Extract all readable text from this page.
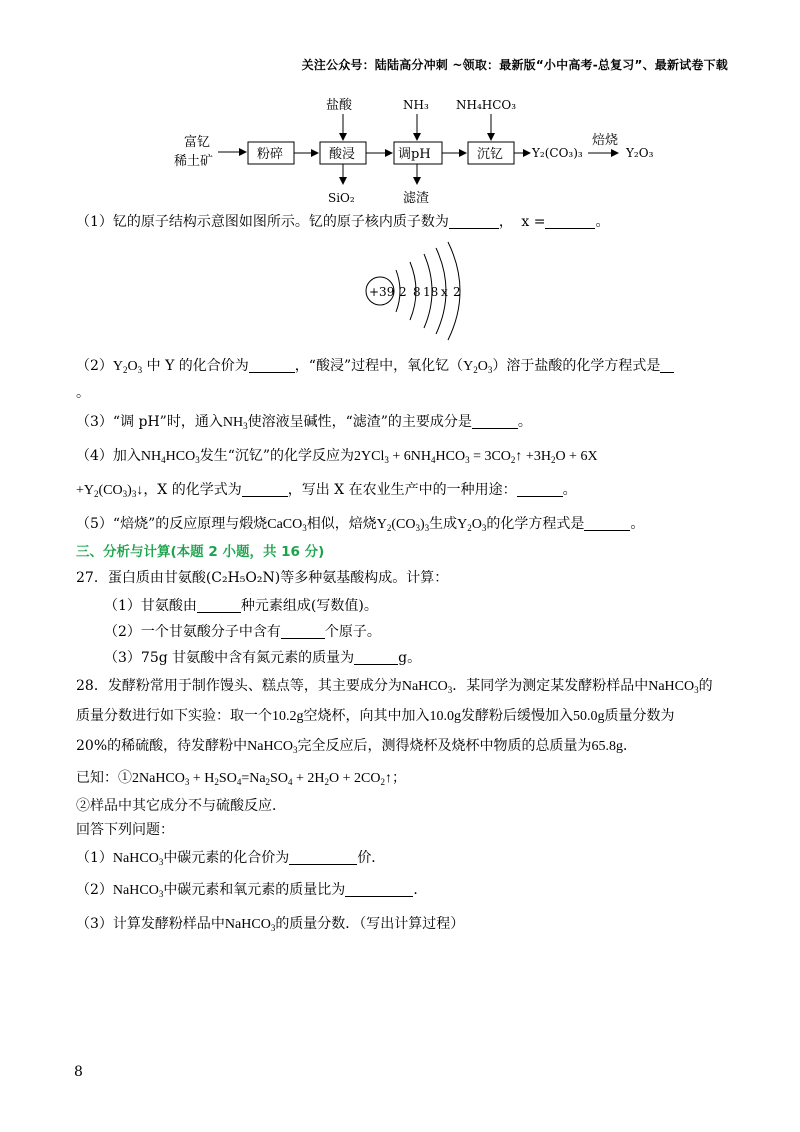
关注公众号：陆陆高分冲刺 ~领取：最新版“小中高考-总复习”、最新试卷下载
富钇
稀土矿	粉碎	酸浸
盐酸
SiO₂
调pH
NH₃
滤渣
沉钇
NH₄HCO₃
Y₂(CO₃)₃
焙烧
Y₂O₃
（1）钇的原子结构示意图如图所示。钇的原子核内质子数为	， x =	。
+39 2 8 18 x 2
$(2)Y_2O_3$ 中 Y 的化合价为	，“酸浸”过程中，氧化钇$(Y_2O_3)$溶于盐酸的化学方程式是
。
（3）“调 pH”时，通入$NH_3$使溶液呈碱性，“滤渣”的主要成分是	。
（4）加入$NH_4HCO_3$发生“沉钇”的化学反应为$2YCl_3 + 6NH_4HCO_3$ = $3CO_2↑ +3H_2O + 6X$
$+Y_2(CO_3)_3↓$，X 的化学式为	，写出 X 在农业生产中的一种用途：	。
（5）“焙烧”的反应原理与煅烧CaCO$_3$相似，焙烧$Y_2(CO_3)_3$生成$Y_2O_3$的化学方程式是	。
三、分析与计算(本题 2 小题，共 16 分)
27．蛋白质由甘氨酸(C₂H₅O₂N)等多种氨基酸构成。计算：
（1）甘氨酸由	种元素组成(写数值)。
（2）一个甘氨酸分子中含有	个原子。
（3）75g 甘氨酸中含有氮元素的质量为	g。
28．发酵粉常用于制作馒头、糕点等，其主要成分为NaHCO$_3$．某同学为测定某发酵粉样品中NaHCO$_3$的
质量分数进行如下实验：取一个10.2g空烧杯，向其中加入10.0g发酵粉后缓慢加入50.0g质量分数为
20%的稀硫酸，待发酵粉中NaHCO$_3$完全反应后，测得烧杯及烧杯中物质的总质量为65.8g．
已知：①2NaHCO$_3$ + $H_2SO_4=Na_2SO_4 + 2H_2O$ + $2CO_2↑$；
②样品中其它成分不与硫酸反应．
回答下列问题：
（1）NaHCO$_3$中碳元素的化合价为	价．
（2）NaHCO$_3$中碳元素和氧元素的质量比为	．
（3）计算发酵粉样品中NaHCO$_3$的质量分数．（写出计算过程）
8
